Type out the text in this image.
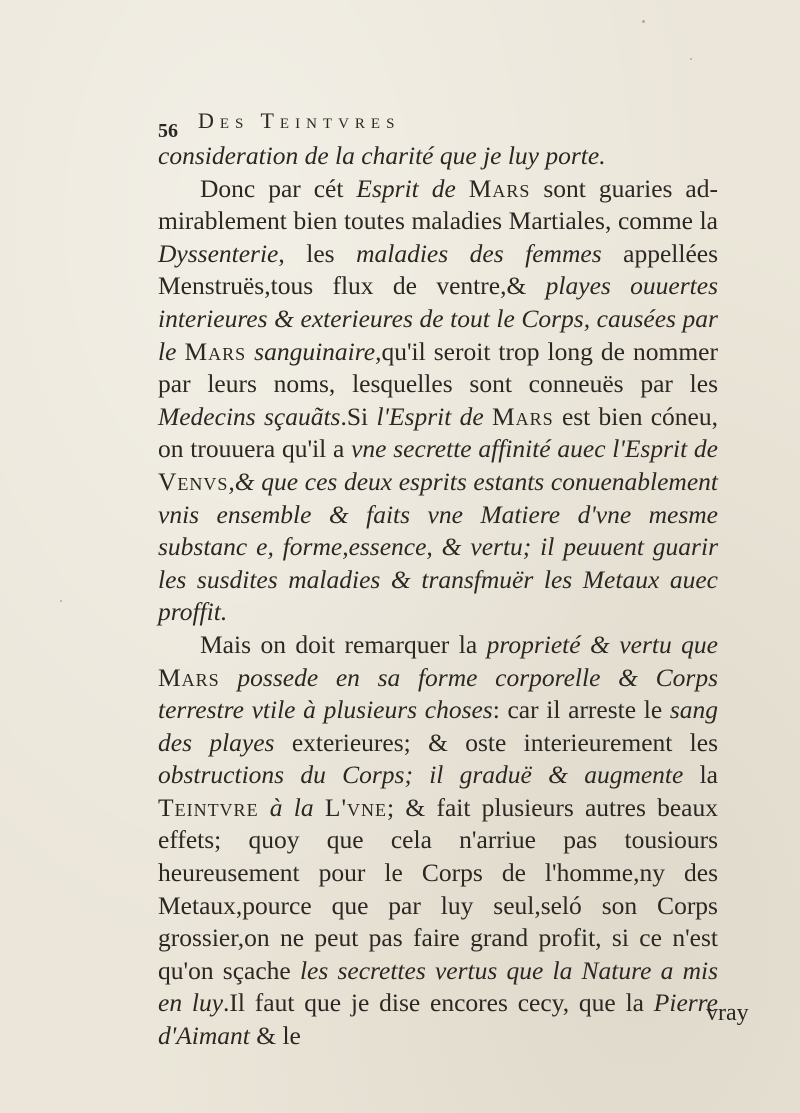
Des Teintvres
56

consideration de la charité que je luy porte.

Donc par cét Esprit de Mars sont guaries admirablement bien toutes maladies Martiales, comme la Dyssenterie, les maladies des femmes appellées Menstruës,tous flux de ventre,& playes ouuertes interieures & exterieures de tout le Corps, causées par le Mars sanguinaire,qu'il seroit trop long de nommer par leurs noms, lesquelles sont conneuës par les Medecins sçauãts.Si l'Esprit de Mars est bien cóneu, on trouuera qu'il a vne secrette affinité auec l'Esprit de Venvs,& que ces deux esprits estants conuenablement vnis ensemble & faits vne Matiere d'vne mesme substanc e, forme,essence, & vertu; il peuuent guarir les susdites maladies & transfmuër les Metaux auec proffit.

Mais on doit remarquer la proprieté & vertu que Mars possede en sa forme corporelle & Corps terrestre vtile à plusieurs choses: car il arreste le sang des playes exterieures; & oste interieurement les obstructions du Corps; il graduë & augmente la Teintvre à la L'vne; & fait plusieurs autres beaux effets; quoy que cela n'arriue pas tousiours heureusement pour le Corps de l'homme,ny des Metaux,pource que par luy seul,seló son Corps grossier,on ne peut pas faire grand profit, si ce n'est qu'on sçache les secrettes vertus que la Nature a mis en luy.Il faut que je dise encores cecy, que la Pierre d'Aimant & le

vray
